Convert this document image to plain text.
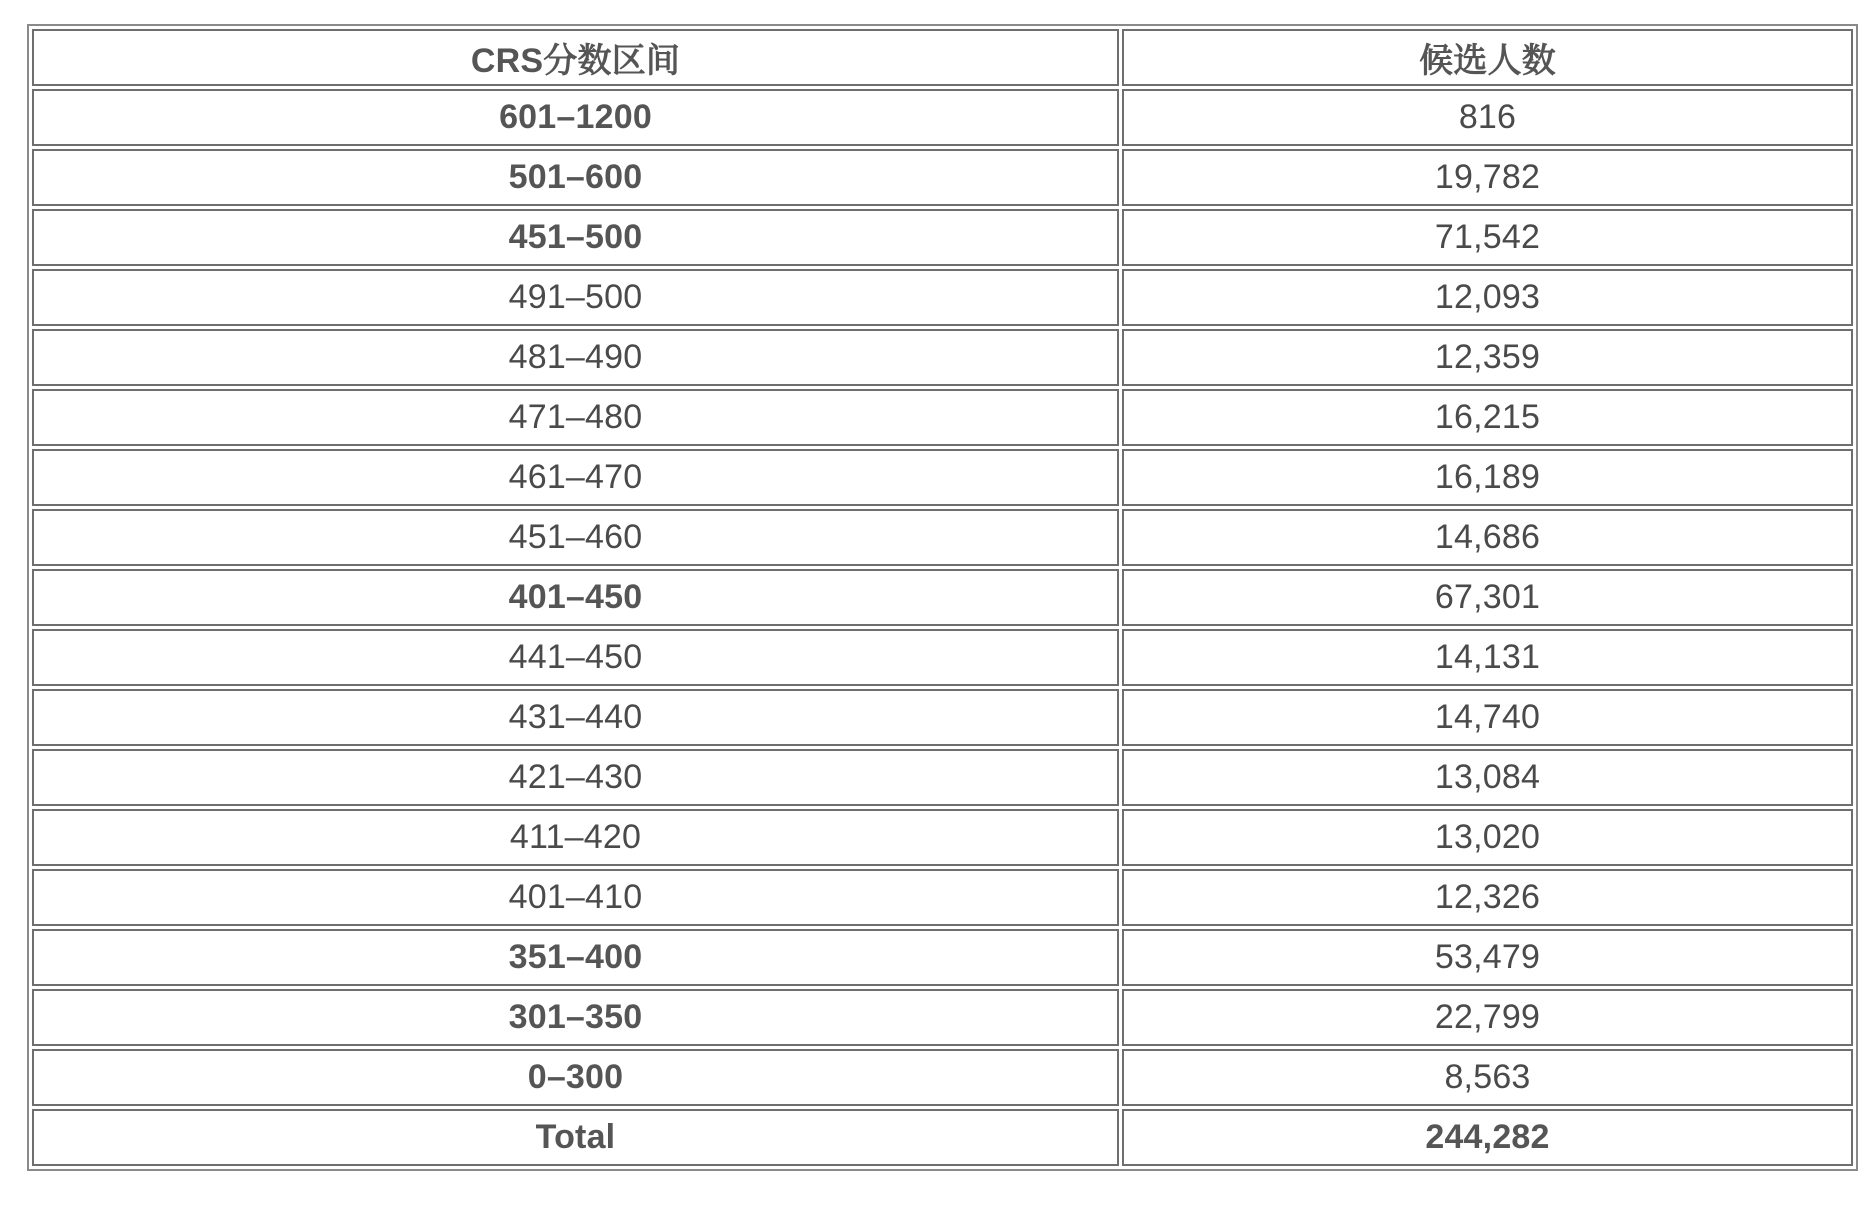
CRS分数区间	候选人数
601–1200	816
501–600	19,782
451–500	71,542
491–500	12,093
481–490	12,359
471–480	16,215
461–470	16,189
451–460	14,686
401–450	67,301
441–450	14,131
431–440	14,740
421–430	13,084
411–420	13,020
401–410	12,326
351–400	53,479
301–350	22,799
0–300	8,563
Total	244,282
